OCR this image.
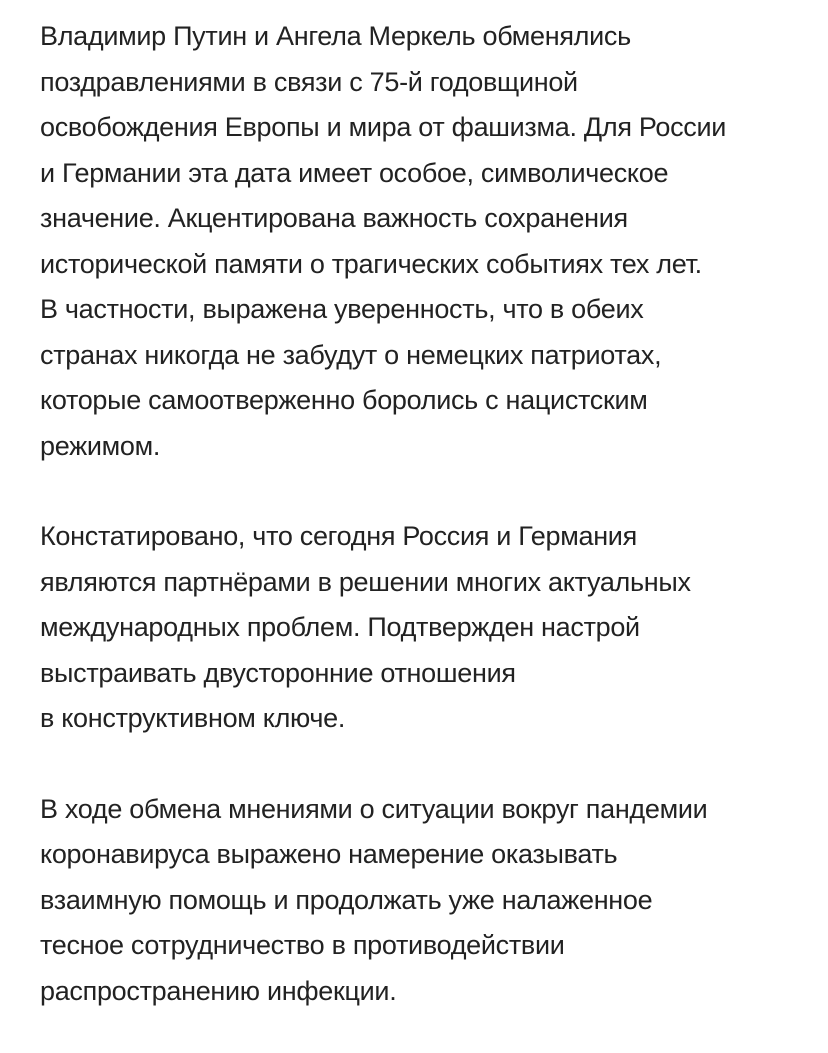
Владимир Путин и Ангела Меркель обменялись
поздравлениями в связи с 75-й годовщиной
освобождения Европы и мира от фашизма. Для России
и Германии эта дата имеет особое, символическое
значение. Акцентирована важность сохранения
исторической памяти о трагических событиях тех лет.
В частности, выражена уверенность, что в обеих
странах никогда не забудут о немецких патриотах,
которые самоотверженно боролись с нацистским
режимом.

Констатировано, что сегодня Россия и Германия
являются партнёрами в решении многих актуальных
международных проблем. Подтвержден настрой
выстраивать двусторонние отношения
в конструктивном ключе.

В ходе обмена мнениями о ситуации вокруг пандемии
коронавируса выражено намерение оказывать
взаимную помощь и продолжать уже налаженное
тесное сотрудничество в противодействии
распространению инфекции.
